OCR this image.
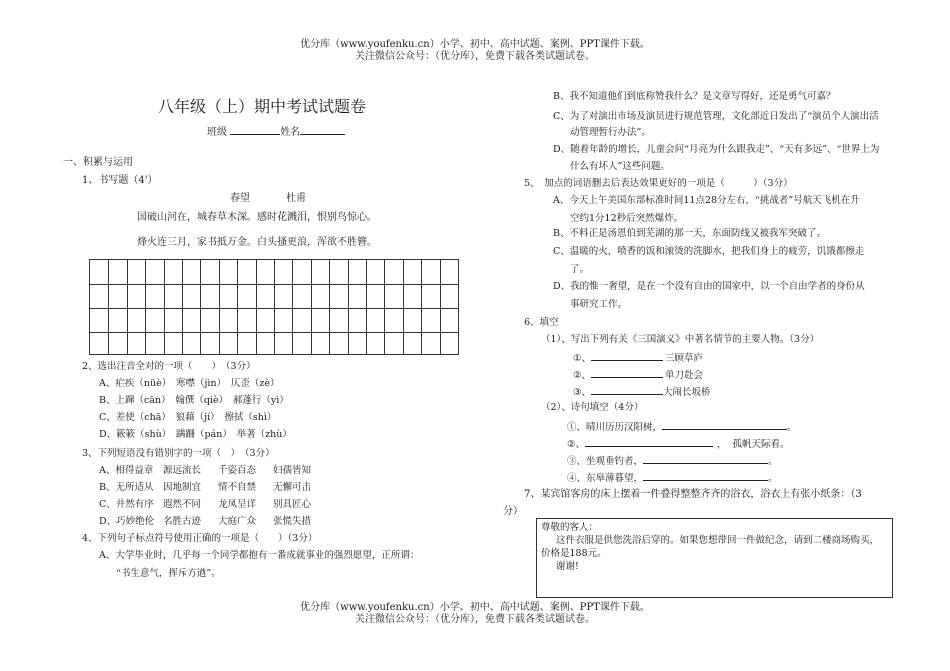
优分库（www.youfenku.cn）小学、初中、高中试题、案例、PPT课件下载。
关注微信公众号：（优分库），免费下载各类试题试卷。
八年级（上）期中考试试题卷
班级	姓名
一、积累与运用
1、书写题（4'）
春望	杜甫
国破山河在，城春草木深。感时花溅泪，恨别鸟惊心。
烽火连三月，家书抵万金。白头搔更浪，浑欲不胜簪。
2、选出注音全对的一项（　　）　（3分）
A、疟疾（nüè）　寒噤（jìn）　仄歪（zè）
B、上蹿（cān）　翰僎（qiè）　郝蓬行（yì）
C、差使（chā）　狼藉（jí）　擦拭（shì）
D、簌簌（shù）　蹒跚（pán）　举著（zhù）
3、下列短语没有错别字的一项（　）　（3分）
A、相得益章 源远流长 千姿百态 妇孺皆知
B、无所适从 因地制宜 情不自禁 无懈可击
C、井然有序 遐然不同 龙凤呈详 别具匠心
D、巧妙绝伦 名胜古迹 大庭广众 张慌失措
4、下列句子标点符号使用正确的一项是（　　）（3分）
A、大学毕业时，几乎每一个同学都抱有一番成就事业的强烈愿望，正所谓：
“书生意气，挥斥方遒”。
B、我不知道他们到底称赞我什么？是文章写得好，还是勇气可嘉？
C、为了对演出市场及演员进行规范管理，文化部近日发出了“演员个人演出活
动管理暂行办法”。
D、随着年龄的增长，儿童会问“月亮为什么跟我走”、“天有多远”、“世界上为
什么有坏人”这些问题。
5、　加点的词语删去后表达效果更好的一项是（　　　）（3分）
A、今天上午美国东部标准时间11点28分左右，“挑战者”号航天飞机在升
空约1分12秒后突然爆炸。
B、不料正是汤恩伯到芜湖的那一天，东面防线又被我军突破了。
C、温暖的火，喷香的饭和滚烫的洗脚水，把我们身上的疲劳，饥饿都擦走
了。
D、我的惟一奢望，是在一个没有自由的国家中，以一个自由学者的身份从
事研究工作。
6、填空
（1）、写出下列有关《三国演义》中著名情节的主要人物。（3分）
①、	三顾草庐
②、	单刀赴会
③、	大闹长坂桥
（2）、诗句填空（4分）
①、晴川历历汉阳树，	。
②、	， 孤帆天际看。
③、坐观垂钓者，	。
④、东皋薄暮望，	。
7、某宾馆客房的床上摆着一件叠得整整齐齐的浴衣，浴衣上有张小纸条：（3
分）
尊敬的客人：
这件衣服是供您洗浴后穿的。如果您想带回一件做纪念，请到二楼商场购买，
价格是188元。
谢谢!
优分库（www.youfenku.cn）小学、初中、高中试题、案例、PPT课件下载。
关注微信公众号：（优分库），免费下载各类试题试卷。
